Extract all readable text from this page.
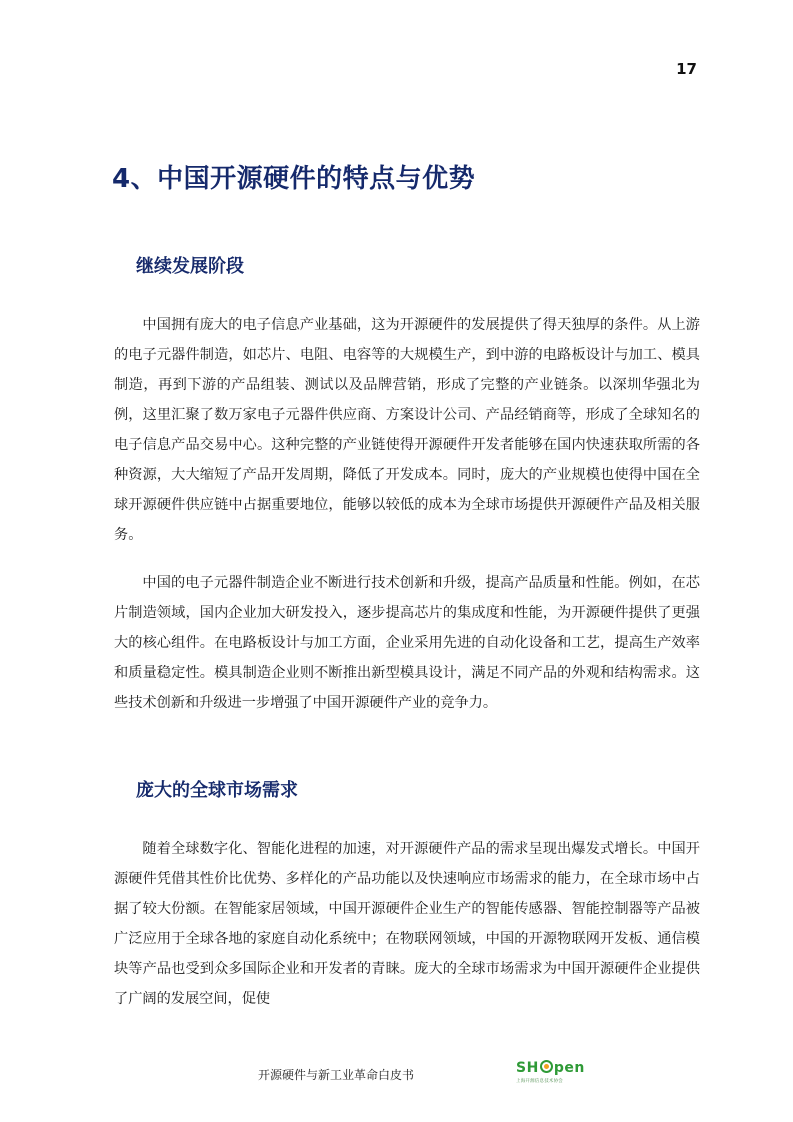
17
4、中国开源硬件的特点与优势
继续发展阶段

中国拥有庞大的电子信息产业基础，这为开源硬件的发展提供了得天独厚的条件。从上游的电子元器件制造，如芯片、电阻、电容等的大规模生产，到中游的电路板设计与加工、模具制造，再到下游的产品组装、测试以及品牌营销，形成了完整的产业链条。以深圳华强北为例，这里汇聚了数万家电子元器件供应商、方案设计公司、产品经销商等，形成了全球知名的电子信息产品交易中心。这种完整的产业链使得开源硬件开发者能够在国内快速获取所需的各种资源，大大缩短了产品开发周期，降低了开发成本。同时，庞大的产业规模也使得中国在全球开源硬件供应链中占据重要地位，能够以较低的成本为全球市场提供开源硬件产品及相关服务。

中国的电子元器件制造企业不断进行技术创新和升级，提高产品质量和性能。例如，在芯片制造领域，国内企业加大研发投入，逐步提高芯片的集成度和性能，为开源硬件提供了更强大的核心组件。在电路板设计与加工方面，企业采用先进的自动化设备和工艺，提高生产效率和质量稳定性。模具制造企业则不断推出新型模具设计，满足不同产品的外观和结构需求。这些技术创新和升级进一步增强了中国开源硬件产业的竞争力。

庞大的全球市场需求

随着全球数字化、智能化进程的加速，对开源硬件产品的需求呈现出爆发式增长。中国开源硬件凭借其性价比优势、多样化的产品功能以及快速响应市场需求的能力，在全球市场中占据了较大份额。在智能家居领域，中国开源硬件企业生产的智能传感器、智能控制器等产品被广泛应用于全球各地的家庭自动化系统中；在物联网领域，中国的开源物联网开发板、通信模块等产品也受到众多国际企业和开发者的青睐。庞大的全球市场需求为中国开源硬件企业提供了广阔的发展空间，促使

开源硬件与新工业革命白皮书	SH pen
上海开源信息技术协会
